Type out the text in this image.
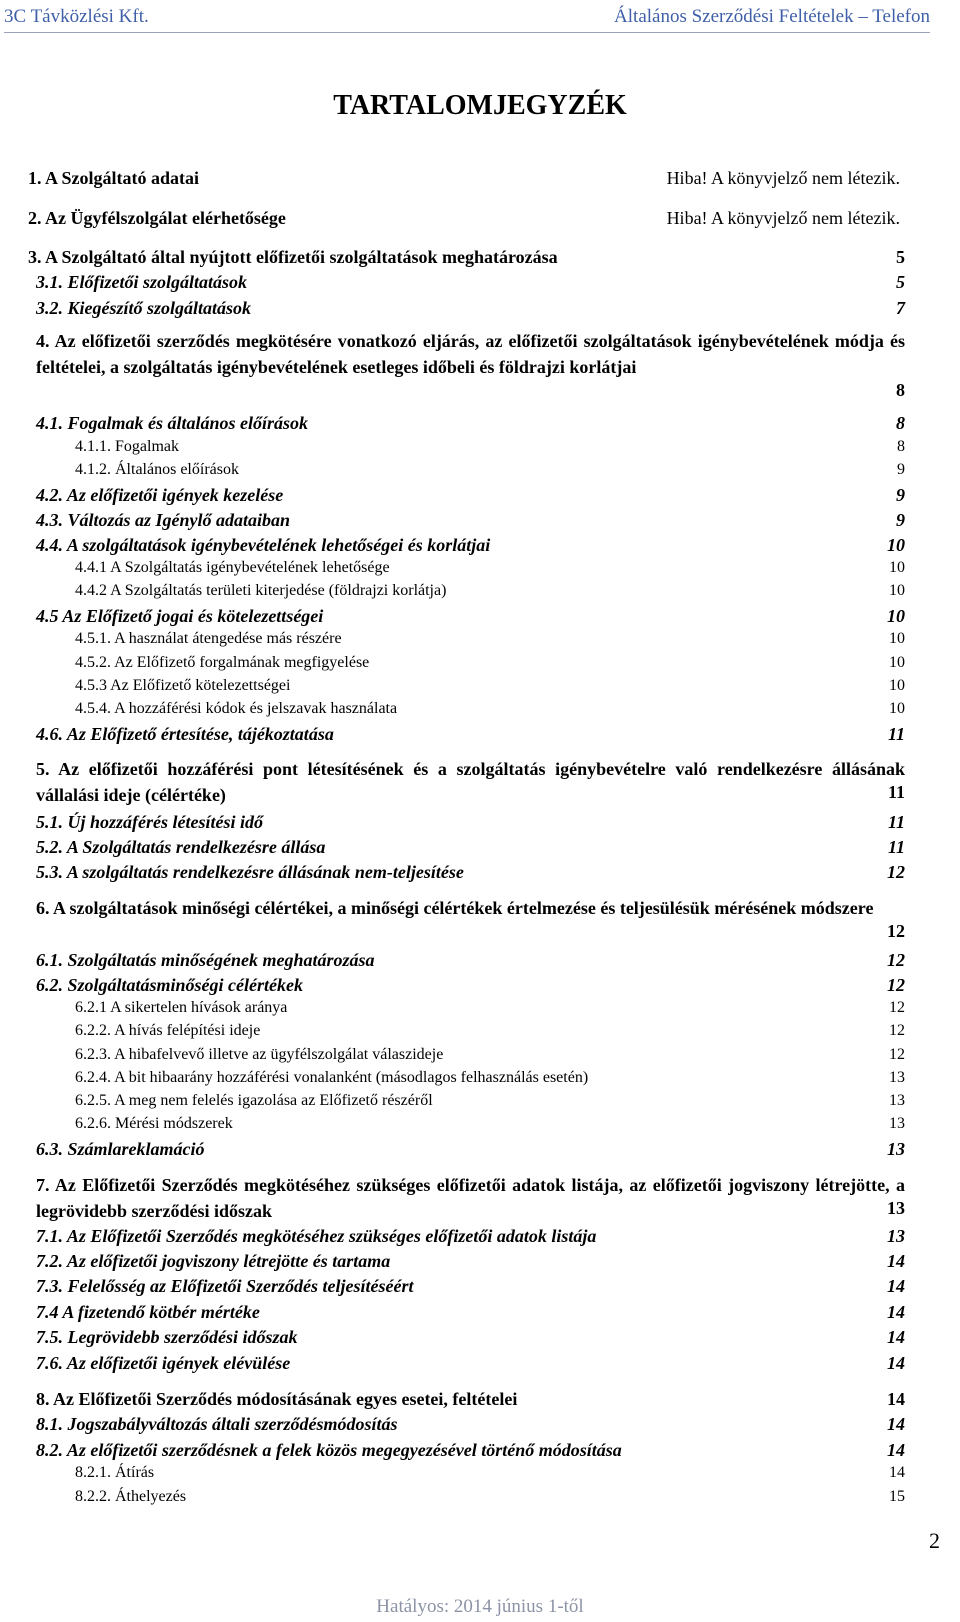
3C Távközlési Kft.	Általános Szerződési Feltételek – Telefon
TARTALOMJEGYZÉK
1. A Szolgáltató adatai	Hiba! A könyvjelző nem létezik.
2. Az Ügyfélszolgálat elérhetősége	Hiba! A könyvjelző nem létezik.
3. A Szolgáltató által nyújtott előfizetői szolgáltatások meghatározása	5
3.1. Előfizetői szolgáltatások	5
3.2. Kiegészítő szolgáltatások	7
4. Az előfizetői szerződés megkötésére vonatkozó eljárás, az előfizetői szolgáltatások igénybevételének módja és feltételei, a szolgáltatás igénybevételének esetleges időbeli és földrajzi korlátjai
8
4.1. Fogalmak és általános előírások	8
4.1.1. Fogalmak	8
4.1.2. Általános előírások	9
4.2. Az előfizetői igények kezelése	9
4.3. Változás az Igénylő adataiban	9
4.4. A szolgáltatások igénybevételének lehetőségei és korlátjai	10
4.4.1 A Szolgáltatás igénybevételének lehetősége	10
4.4.2 A Szolgáltatás területi kiterjedése (földrajzi korlátja)	10
4.5 Az Előfizető jogai és kötelezettségei	10
4.5.1. A használat átengedése más részére	10
4.5.2. Az Előfizető forgalmának megfigyelése	10
4.5.3 Az Előfizető kötelezettségei	10
4.5.4. A hozzáférési kódok és jelszavak használata	10
4.6. Az Előfizető értesítése, tájékoztatása	11
5. Az előfizetői hozzáférési pont létesítésének és a szolgáltatás igénybevételre való rendelkezésre állásának vállalási ideje (célértéke)	11
5.1. Új hozzáférés létesítési idő	11
5.2. A Szolgáltatás rendelkezésre állása	11
5.3. A szolgáltatás rendelkezésre állásának nem-teljesítése	12
6. A szolgáltatások minőségi célértékei, a minőségi célértékek értelmezése és teljesülésük mérésének módszere
12
6.1. Szolgáltatás minőségének meghatározása	12
6.2. Szolgáltatásminőségi célértékek	12
6.2.1 A sikertelen hívások aránya	12
6.2.2. A hívás felépítési ideje	12
6.2.3. A hibafelvevő illetve az ügyfélszolgálat válaszideje	12
6.2.4. A bit hibaarány hozzáférési vonalanként (másodlagos felhasználás esetén)	13
6.2.5. A meg nem felelés igazolása az Előfizető részéről	13
6.2.6. Mérési módszerek	13
6.3. Számlareklamáció	13
7. Az Előfizetői Szerződés megkötéséhez szükséges előfizetői adatok listája, az előfizetői jogviszony létrejötte, a legrövidebb szerződési időszak	13
7.1. Az Előfizetői Szerződés megkötéséhez szükséges előfizetői adatok listája	13
7.2. Az előfizetői jogviszony létrejötte és tartama	14
7.3. Felelősség az Előfizetői Szerződés teljesítéséért	14
7.4 A fizetendő kötbér mértéke	14
7.5. Legrövidebb szerződési időszak	14
7.6. Az előfizetői igények elévülése	14
8. Az Előfizetői Szerződés módosításának egyes esetei, feltételei	14
8.1. Jogszabályváltozás általi szerződésmódosítás	14
8.2. Az előfizetői szerződésnek a felek közös megegyezésével történő módosítása	14
8.2.1. Átírás	14
8.2.2. Áthelyezés	15
2
Hatályos: 2014 június 1-től
